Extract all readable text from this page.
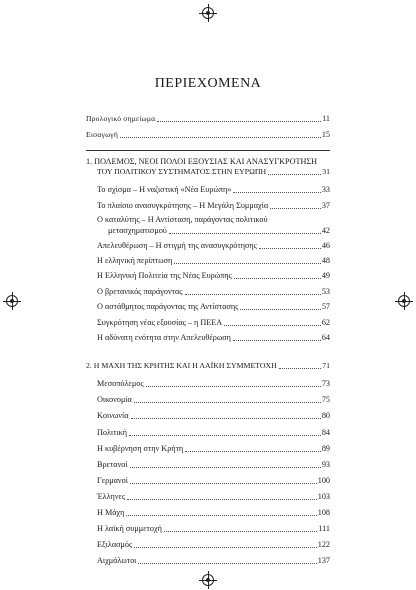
ΠΕΡΙΕΧΟΜΕΝΑ
Προλογικό σημείωμα	11
Εισαγωγή	15
1. ΠΟΛΕΜΟΣ, ΝΕΟΙ ΠΟΛΟΙ ΕΞΟΥΣΙΑΣ ΚΑΙ ΑΝΑΣΥΓΚΡΟΤΗΣΗ
ΤΟΥ ΠΟΛΙΤΙΚΟΥ ΣΥΣΤΗΜΑΤΟΣ ΣΤΗΝ ΕΥΡΩΠΗ	31
Το σχίσμα – Η ναζιστική «Νέα Ευρώπη»	33
Το πλαίσιο ανασυγκρότησης – Η Μεγάλη Συμμαχία	37
Ο καταλύτης – Η Αντίσταση, παράγοντας πολιτικού
μετασχηματισμού	42
Απελευθέρωση – Η στιγμή της ανασυγκρότησης	46
Η ελληνική περίπτωση	48
Η Ελληνική Πολιτεία της Νέας Ευρώπης	49
Ο βρετανικός παράγοντας	53
Ο αστάθμητος παράγοντας της Αντίστασης	57
Συγκρότηση νέας εξουσίας – η ΠΕΕΑ	62
Η αδύνατη ενότητα στην Απελευθέρωση	64
2. Η ΜΑΧΗ ΤΗΣ ΚΡΗΤΗΣ ΚΑΙ Η ΛΑΪΚΗ ΣΥΜΜΕΤΟΧΗ	71
Μεσοπόλεμος	73
Οικονομία	75
Κοινωνία	80
Πολιτική	84
Η κυβέρνηση στην Κρήτη	89
Βρετανοί	93
Γερμανοί	100
Έλληνες	103
Η Μάχη	108
Η λαϊκή συμμετοχή	111
Εξιλασμός	122
Αιχμάλωτοι	137
